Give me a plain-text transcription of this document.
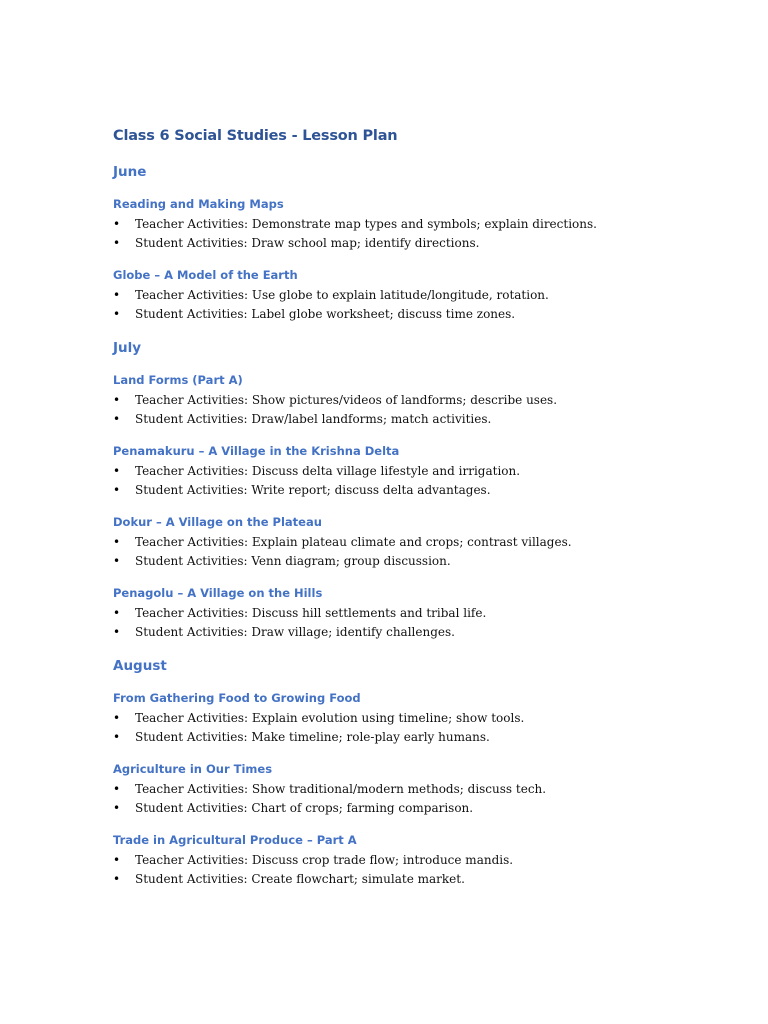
Class 6 Social Studies - Lesson Plan
June
Reading and Making Maps
• Teacher Activities: Demonstrate map types and symbols; explain directions.
• Student Activities: Draw school map; identify directions.
Globe – A Model of the Earth
• Teacher Activities: Use globe to explain latitude/longitude, rotation.
• Student Activities: Label globe worksheet; discuss time zones.
July
Land Forms (Part A)
• Teacher Activities: Show pictures/videos of landforms; describe uses.
• Student Activities: Draw/label landforms; match activities.
Penamakuru – A Village in the Krishna Delta
• Teacher Activities: Discuss delta village lifestyle and irrigation.
• Student Activities: Write report; discuss delta advantages.
Dokur – A Village on the Plateau
• Teacher Activities: Explain plateau climate and crops; contrast villages.
• Student Activities: Venn diagram; group discussion.
Penagolu – A Village on the Hills
• Teacher Activities: Discuss hill settlements and tribal life.
• Student Activities: Draw village; identify challenges.
August
From Gathering Food to Growing Food
• Teacher Activities: Explain evolution using timeline; show tools.
• Student Activities: Make timeline; role-play early humans.
Agriculture in Our Times
• Teacher Activities: Show traditional/modern methods; discuss tech.
• Student Activities: Chart of crops; farming comparison.
Trade in Agricultural Produce – Part A
• Teacher Activities: Discuss crop trade flow; introduce mandis.
• Student Activities: Create flowchart; simulate market.
